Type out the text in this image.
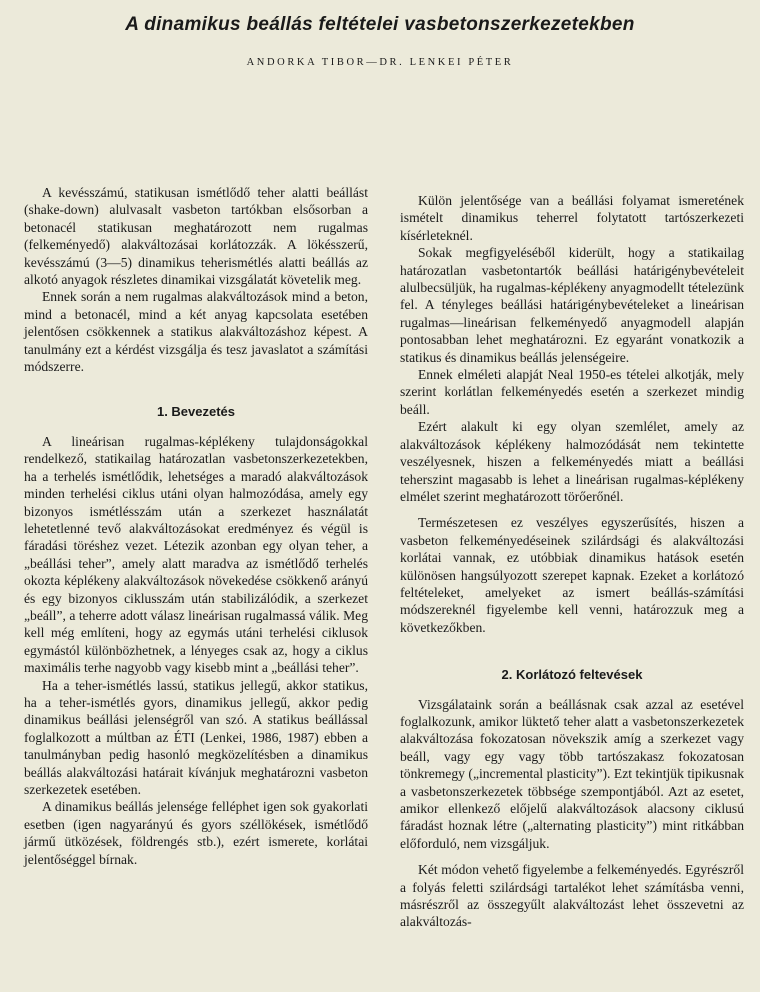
A dinamikus beállás feltételei vasbetonszerkezetekben

ANDORKA TIBOR—DR. LENKEI PÉTER

A kevésszámú, statikusan ismétlődő teher alatti beállást (shake-down) alulvasalt vasbeton tartókban elsősorban a betonacél statikusan meghatározott nem rugalmas (felkeményedő) alakváltozásai korlátozzák. A lökésszerű, kevésszámú (3—5) dinamikus teherismétlés alatti beállás az alkotó anyagok részletes dinamikai vizsgálatát követelik meg.

Ennek során a nem rugalmas alakváltozások mind a beton, mind a betonacél, mind a két anyag kapcsolata esetében jelentősen csökkennek a statikus alakváltozáshoz képest. A tanulmány ezt a kérdést vizsgálja és tesz javaslatot a számítási módszerre.

1. Bevezetés

A lineárisan rugalmas-képlékeny tulajdonságokkal rendelkező, statikailag határozatlan vasbetonszerkezetekben, ha a terhelés ismétlődik, lehetséges a maradó alakváltozások minden terhelési ciklus utáni olyan halmozódása, amely egy bizonyos ismétlésszám után a szerkezet használatát lehetetlenné tevő alakváltozásokat eredményez és végül is fáradási töréshez vezet. Létezik azonban egy olyan teher, a „beállási teher”, amely alatt maradva az ismétlődő terhelés okozta képlékeny alakváltozások növekedése csökkenő arányú és egy bizonyos ciklusszám után stabilizálódik, a szerkezet „beáll”, a teherre adott válasz lineárisan rugalmassá válik. Meg kell még említeni, hogy az egymás utáni terhelési ciklusok egymástól különbözhetnek, a lényeges csak az, hogy a ciklus maximális terhe nagyobb vagy kisebb mint a „beállási teher”.

Ha a teher-ismétlés lassú, statikus jellegű, akkor statikus, ha a teher-ismétlés gyors, dinamikus jellegű, akkor pedig dinamikus beállási jelenségről van szó. A statikus beállással foglalkozott a múltban az ÉTI (Lenkei, 1986, 1987) ebben a tanulmányban pedig hasonló megközelítésben a dinamikus beállás alakváltozási határait kívánjuk meghatározni vasbeton szerkezetek esetében.

A dinamikus beállás jelensége felléphet igen sok gyakorlati esetben (igen nagyarányú és gyors széllökések, ismétlődő jármű ütközések, földrengés stb.), ezért ismerete, korlátai jelentőséggel bírnak.

Külön jelentősége van a beállási folyamat ismeretének ismételt dinamikus teherrel folytatott tartószerkezeti kísérleteknél.

Sokak megfigyeléséből kiderült, hogy a statikailag határozatlan vasbetontartók beállási határigénybevételeit alulbecsüljük, ha rugalmas-képlékeny anyagmodellt tételezünk fel. A tényleges beállási határigénybevételeket a lineárisan rugalmas—lineárisan felkeményedő anyagmodell alapján pontosabban lehet meghatározni. Ez egyaránt vonatkozik a statikus és dinamikus beállás jelenségeire.

Ennek elméleti alapját Neal 1950-es tételei alkotják, mely szerint korlátlan felkeményedés esetén a szerkezet mindig beáll.

Ezért alakult ki egy olyan szemlélet, amely az alakváltozások képlékeny halmozódását nem tekintette veszélyesnek, hiszen a felkeményedés miatt a beállási teherszint magasabb is lehet a lineárisan rugalmas-képlékeny elmélet szerint meghatározott törőerőnél.

Természetesen ez veszélyes egyszerűsítés, hiszen a vasbeton felkeményedéseinek szilárdsági és alakváltozási korlátai vannak, ez utóbbiak dinamikus hatások esetén különösen hangsúlyozott szerepet kapnak. Ezeket a korlátozó feltételeket, amelyeket az ismert beállás-számítási módszereknél figyelembe kell venni, határozzuk meg a következőkben.

2. Korlátozó feltevések

Vizsgálataink során a beállásnak csak azzal az esetével foglalkozunk, amikor lüktető teher alatt a vasbetonszerkezetek alakváltozása fokozatosan növekszik amíg a szerkezet vagy beáll, vagy egy vagy több tartószakasz fokozatosan tönkremegy („incremental plasticity”). Ezt tekintjük tipikusnak a vasbetonszerkezetek többsége szempontjából. Azt az esetet, amikor ellenkező előjelű alakváltozások alacsony ciklusú fáradást hoznak létre („alternating plasticity”) mint ritkábban előforduló, nem vizsgáljuk.

Két módon vehető figyelembe a felkeményedés. Egyrészről a folyás feletti szilárdsági tartalékot lehet számításba venni, másrészről az összegyűlt alakváltozást lehet összevetni az alakváltozás-
